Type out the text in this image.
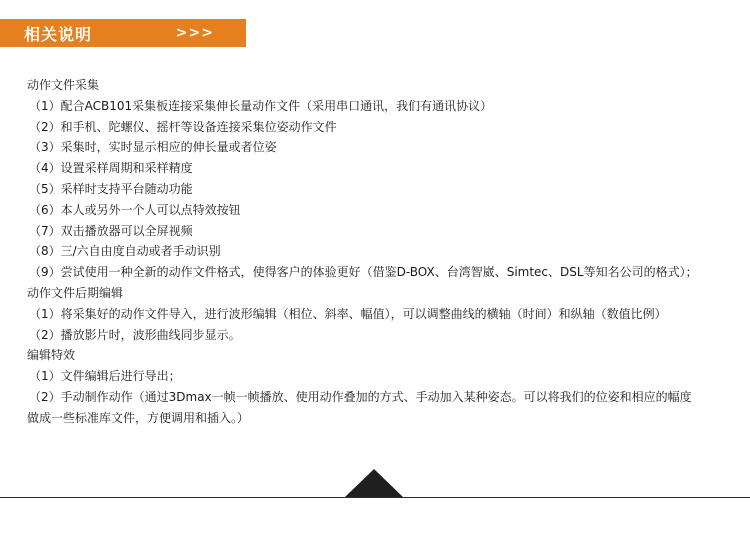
相关说明	>>>
动作文件采集
（1）配合ACB101采集板连接采集伸长量动作文件（采用串口通讯，我们有通讯协议）
（2）和手机、陀螺仪、摇杆等设备连接采集位姿动作文件
（3）采集时，实时显示相应的伸长量或者位姿
（4）设置采样周期和采样精度
（5）采样时支持平台随动功能
（6）本人或另外一个人可以点特效按钮
（7）双击播放器可以全屏视频
（8）三/六自由度自动或者手动识别
（9）尝试使用一种全新的动作文件格式，使得客户的体验更好（借鉴D-BOX、台湾智崴、Simtec、DSL等知名公司的格式）；
动作文件后期编辑
（1）将采集好的动作文件导入，进行波形编辑（相位、斜率、幅值），可以调整曲线的横轴（时间）和纵轴（数值比例）
（2）播放影片时，波形曲线同步显示。
编辑特效
（1）文件编辑后进行导出；
（2）手动制作动作（通过3Dmax一帧一帧播放、使用动作叠加的方式、手动加入某种姿态。可以将我们的位姿和相应的幅度
做成一些标准库文件，方便调用和插入。）
